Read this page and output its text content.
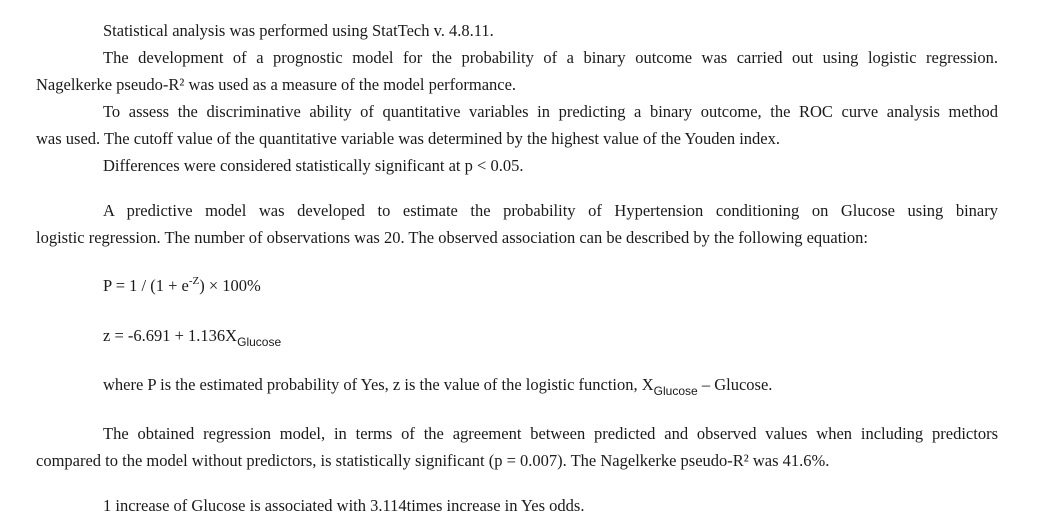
Statistical analysis was performed using StatTech v. 4.8.11.
The development of a prognostic model for the probability of a binary outcome was carried out using logistic regression.
Nagelkerke pseudo-R² was used as a measure of the model performance.
To assess the discriminative ability of quantitative variables in predicting a binary outcome, the ROC curve analysis method
was used. The cutoff value of the quantitative variable was determined by the highest value of the Youden index.
Differences were considered statistically significant at p < 0.05.
A predictive model was developed to estimate the probability of Hypertension conditioning on Glucose using binary
logistic regression. The number of observations was 20. The observed association can be described by the following equation:
$P = 1 / (1 + e^{-Z}) \times 100\%$
$z = -6.691 + 1.136X_{Glucose}$
where P is the estimated probability of Yes, z is the value of the logistic function, $X_{Glucose}$ – Glucose.
The obtained regression model, in terms of the agreement between predicted and observed values when including predictors
compared to the model without predictors, is statistically significant (p = 0.007). The Nagelkerke pseudo-R² was 41.6%.
1 increase of Glucose is associated with 3.114times increase in Yes odds.
